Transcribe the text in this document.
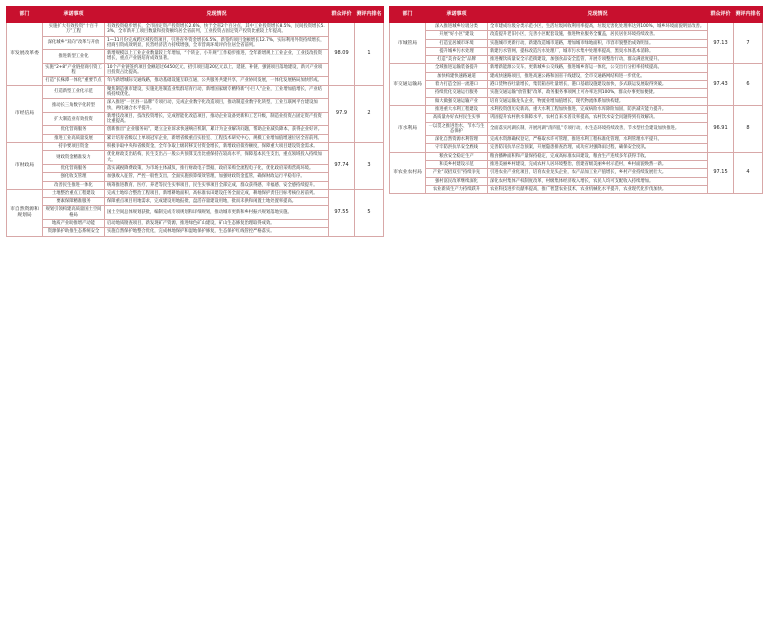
部门	承诺事项	兑现情况	群众评价	测评内排名
市发展改革委	实施扩大有效投资“十百千万”工程	有效投资稳步增长，全市固定资产投资增长2.6%，快于全省2个百分点，其中工业投资增长8.5%，民间投资增长5.3%，全市新开工项目数量和投资额均居全省前列，工业投资占固定资产投资比重较上年提高。	98.09	1
	深化城乡“双向”改革与开放	1—11月份完成跨区域投资项目，引进省外资金增长6.5%，新签约项目金额增长12.7%，实际利用外资持续增长，招商引资成效明显，民营经济活力持续增强，全市营商环境评价位居全省前列。		
	推进新型工业化	新增规模以上工业企业数量较上年增加，“个转企、小升规”工作稳步推进，全年新增规上工业企业，工业技改投资增长，重点产业链培育成效显著。		
	实施“2+8”产业链招商引资工程	10个产业链签约项目金额超过6450亿元，招引项目超20亿元以上，延链、补链、强链项目落地建设，新兴产业项目投资占比提高。		
	打造“长株潭一体化”重要节点	年内新增城际交通线路，推动基础设施互联互通，公共服务共建共享，产业协同发展，一体化发展格局加快形成。		
市经信局	打造新型工业化示范	聚焦制造强市建设，实施先进制造业集群培育行动，新增国家级专精特新“小巨人”企业，工业增加值增长，产业结构持续优化。	97.9	2
	推动长三角数字化转型	深入推进“一区县一品牌”专项行动，完成企业数字化改造项目，推动制造业数字化转型，工业互联网平台建设加快，两化融合水平提升。		
	扩大制造业有效投资	新增技改项目，技改投资增长，完成智能化改造项目，推动企业设备更新和工艺升级，制造业投资占固定资产投资比重提高。		
	优化营商服务	创新推出“企业服务码”，建立企业诉求快速响应机制，累计为企业解决问题，帮助企业减负降本，获得企业好评。		
	推进工业高质量发展	累计培育省级以上单项冠军企业，新增省级重点实验室、工程技术研究中心，规模工业增加值增速位居全省前列。		
市财政局	持争要项目资金	积极争取中央和省级资金，全年争取上级转移支付资金增长，新增政府债券额度，保障重大项目建设资金需求。	97.74	3
	财政资金精准发力	优化财政支出结构，民生支出占一般公共预算支出比重保持在较高水平，保障基本民生支出，重点领域投入持续加大。		
	优化营商服务	落实减税降费政策，为市场主体减负，推行财政电子票据，政府采购全流程电子化，优化政府采购营商环境。		
	强化收支管理	加强收入征管，严控一般性支出，全面实施预算绩效管理，加强财政资金监管，确保财政运行平稳有序。		
	改善民生推进一体化	统筹推进教育、医疗、养老等民生实事项目，民生实事项目全部完成，群众获得感、幸福感、安全感持续提升。		
市自然资源和规划局	土地整治重点工程建设	完成土地综合整治工程项目，新增耕地面积，高标准农田建设任务全面完成，耕地保护责任目标考核位居前列。	97.55	5
	要素保障精准服务	保障重点项目用地需求，完成建设用地报批，盘活存量建设用地，批而未供和闲置土地处置率提高。		
	规划引领构建高质量国土空间格局	国土空间总体规划获批，编制完成专项规划和详细规划，推动城市更新和乡村振兴规划落地实施。		
	地质产业助推增产动能	启动地质勘查项目，新发现矿产资源，推进绿色矿山建设，矿山生态修复治理取得成效。		
	资源保护助推生态系统安全	实施自然保护地整合优化，完成林地保护和湿地保护修复，生态保护红线管控严格落实。		
部门	承诺事项	兑现情况	群众评价	测评内排名
市城管局	深入推进城乡垃圾分类	全市建成垃圾分类示范小区，生活垃圾回收利用率提高，垃圾无害化处理率达到100%，城乡环境面貌明显改善。	97.13	7
	开展“好小区”建设	改造提升老旧小区，完善小区配套设施，推进物业服务全覆盖，居民居住环境持续改善。		
	打造宜居城市环境	实施城市更新行动，新建改造城市道路，增加城市绿地面积，市容市貌整治成效明显。		
	提升城乡污水处理	新建污水管网，提标改造污水处理厂，城市污水集中处理率提高，黑臭水体基本消除。		
	打造“美食安全”品牌	推进餐饮质量安全示范街建设，加强食品安全监管，开展专项整治行动，群众满意度提升。		
市交通运输局	全域推进运输装备提升	新增新能源公交车，更新城乡公交线路，推进城乡客运一体化，公交出行分担率持续提高。	97.43	6
	加快构建快速路通道	建成快速路项目，推进高速公路和国省干线建设，全市交通路网结构进一步优化。		
	着力打造全国一流港口	港口货物吞吐量增长，集装箱吞吐量增长，港口基础设施建设加快，多式联运发展取得突破。		
	持续优化交通运行服务	实施交通运输“放管服”改革，政务服务事项网上可办率达到100%，群众办事更加便捷。		
	做大做强交通运输产业	培育交通运输龙头企业，物流业增加值增长，现代物流体系加快构建。		
市水利局	推进重大水利工程建设	水利投资创历史新高，重大水利工程加快推进，完成病险水库除险加固，防洪减灾能力提升。	96.91	8
	高质量办好农村民生实事	巩固提升农村供水保障水平，农村自来水普及率提高，农村饮水安全问题得到有效解决。		
	一以贯之推进治水、节水与生态保护	全面落实河湖长制，开展河湖“清四乱”专项行动，水生态环境持续改善，节水型社会建设加快推进。		
	深化自然资源水利管理	完成水资源确权登记，严格取水许可管理，推进水利工程标准化管理，水利管理水平提升。		
	守牢防洪抗旱安全底线	完善防汛抗旱应急预案，开展隐患排查治理，成功应对强降雨过程，确保安全度汛。		
市农业农村局	粮食安全稳定生产	粮食播种面积和产量保持稳定，完成高标准农田建设，粮食生产连续多年获得丰收。	97.15	4
	和美乡村建设示范	推进美丽乡村建设，完成农村人居环境整治，创建省级美丽乡村示范村，乡村面貌焕然一新。		
	产业“双招双引”持续争先	引进农业产业化项目，培育农业龙头企业，农产品加工业产值增长，乡村产业持续发展壮大。		
	强村富民改革继续深化	深化农村集体产权制度改革，村级集体经济收入增长，农民人均可支配收入持续增加。		
	农业新质生产力持续跃升	农业科技进步贡献率提高，推广智慧农业技术，农业机械化水平提升，农业现代化步伐加快。		
